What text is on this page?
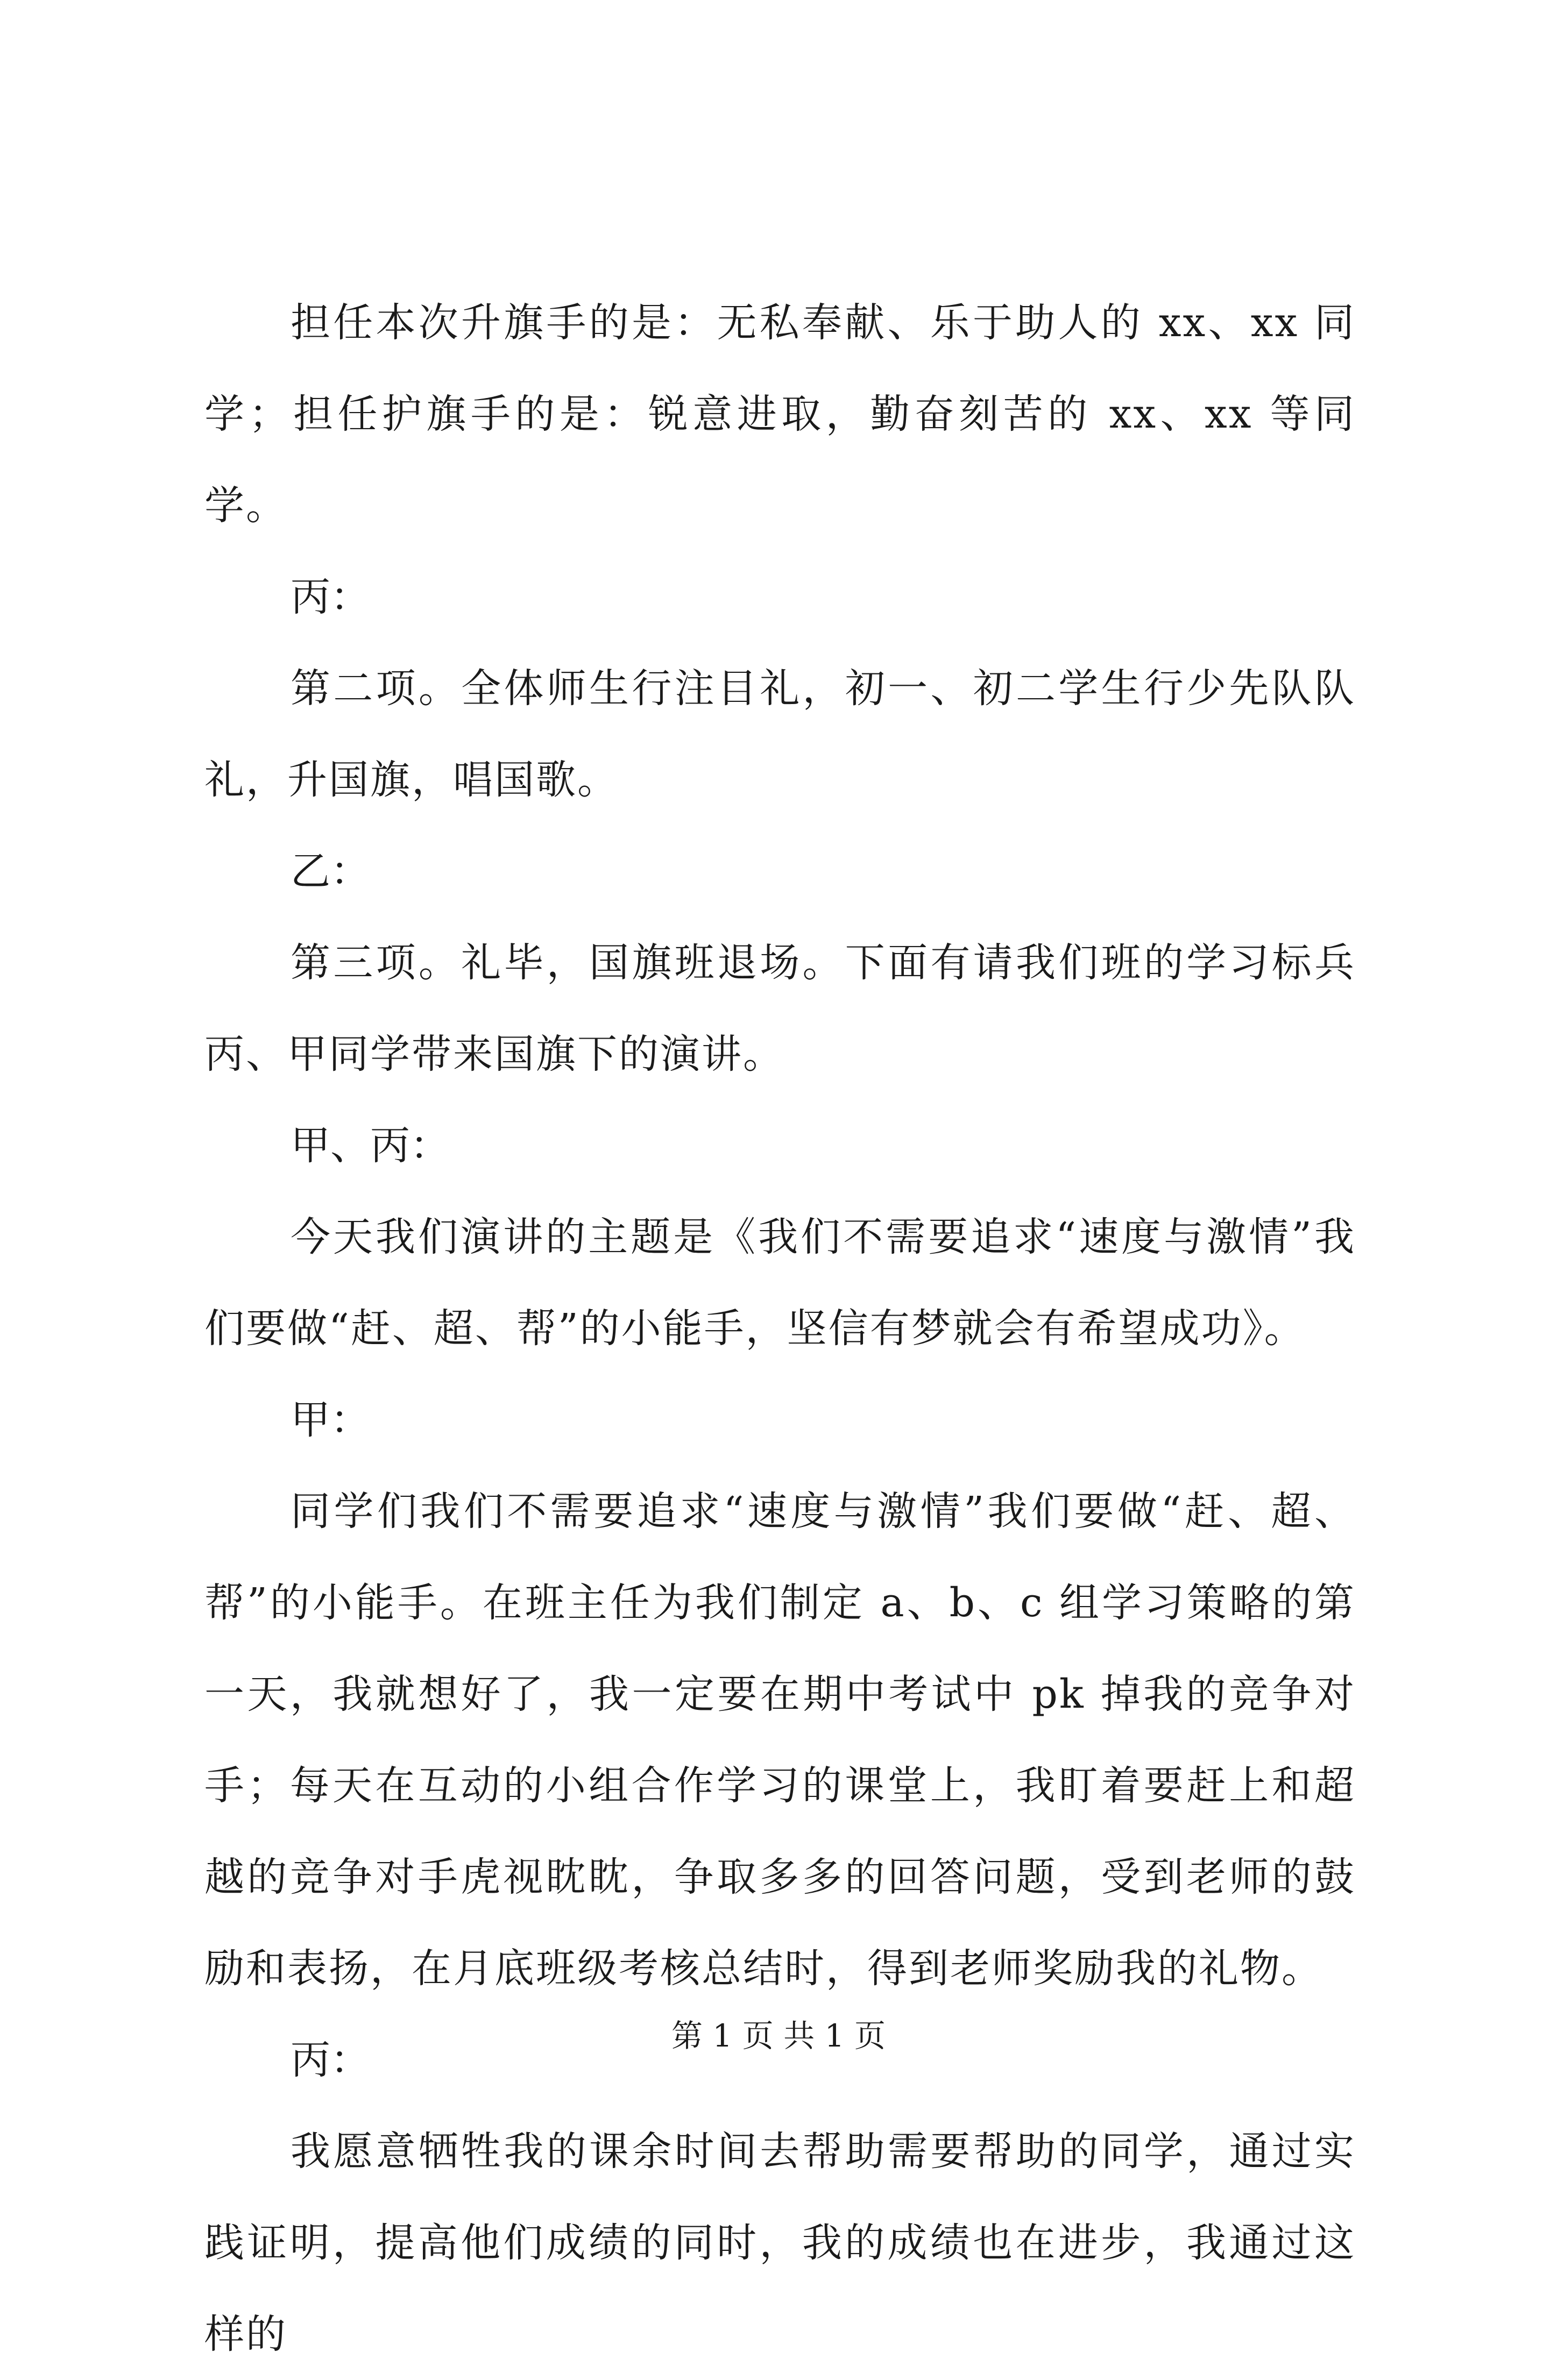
担任本次升旗手的是：无私奉献、乐于助人的 xx、xx 同学；担任护旗手的是：锐意进取，勤奋刻苦的 xx、xx 等同学。

丙：

第二项。全体师生行注目礼，初一、初二学生行少先队队礼，升国旗，唱国歌。

乙：

第三项。礼毕，国旗班退场。下面有请我们班的学习标兵丙、甲同学带来国旗下的演讲。

甲、丙：

今天我们演讲的主题是《我们不需要追求“速度与激情”我们要做“赶、超、帮”的小能手，坚信有梦就会有希望成功》。

甲：

同学们我们不需要追求“速度与激情”我们要做“赶、超、帮”的小能手。在班主任为我们制定 a、b、c 组学习策略的第一天，我就想好了，我一定要在期中考试中 pk 掉我的竞争对手；每天在互动的小组合作学习的课堂上，我盯着要赶上和超越的竞争对手虎视眈眈，争取多多的回答问题，受到老师的鼓励和表扬，在月底班级考核总结时，得到老师奖励我的礼物。

丙：

我愿意牺牲我的课余时间去帮助需要帮助的同学，通过实践证明，提高他们成绩的同时，我的成绩也在进步，我通过这样的

第 1 页 共 1 页
